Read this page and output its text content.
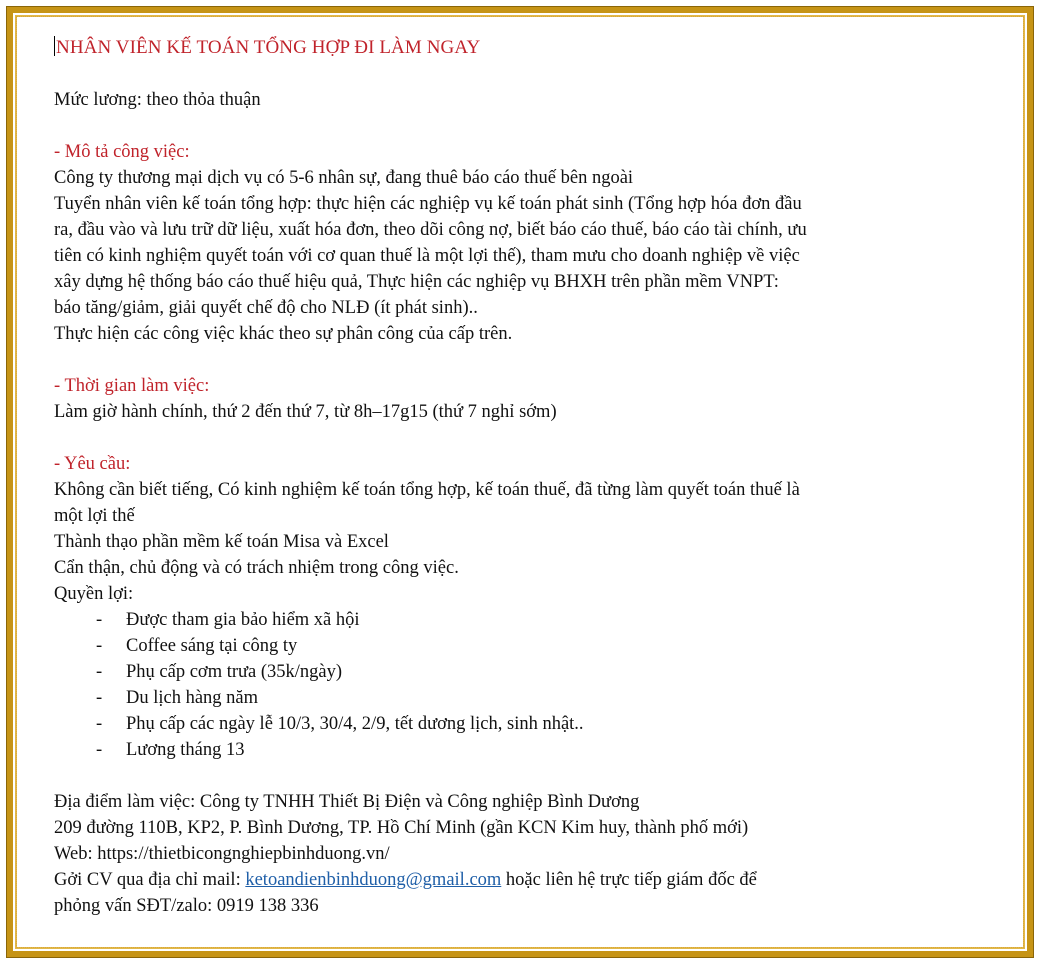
NHÂN VIÊN KẾ TOÁN TỔNG HỢP ĐI LÀM NGAY
Mức lương: theo thỏa thuận
- Mô tả công việc:
Công ty thương mại dịch vụ có 5-6 nhân sự, đang thuê báo cáo thuế bên ngoài
Tuyển nhân viên kế toán tổng hợp: thực hiện các nghiệp vụ kế toán phát sinh (Tổng hợp hóa đơn đầu
ra, đầu vào và lưu trữ dữ liệu, xuất hóa đơn, theo dõi công nợ, biết báo cáo thuế, báo cáo tài chính, ưu
tiên có kinh nghiệm quyết toán với cơ quan thuế là một lợi thế), tham mưu cho doanh nghiệp về việc
xây dựng hệ thống báo cáo thuế hiệu quả, Thực hiện các nghiệp vụ BHXH trên phần mềm VNPT:
báo tăng/giảm, giải quyết chế độ cho NLĐ (ít phát sinh)..
Thực hiện các công việc khác theo sự phân công của cấp trên.
- Thời gian làm việc:
Làm giờ hành chính, thứ 2 đến thứ 7, từ 8h–17g15 (thứ 7 nghỉ sớm)
- Yêu cầu:
Không cần biết tiếng, Có kinh nghiệm kế toán tổng hợp, kế toán thuế, đã từng làm quyết toán thuế là
một lợi thế
Thành thạo phần mềm kế toán Misa và Excel
Cẩn thận, chủ động và có trách nhiệm trong công việc.
Quyền lợi:
- Được tham gia bảo hiểm xã hội
- Coffee sáng tại công ty
- Phụ cấp cơm trưa (35k/ngày)
- Du lịch hàng năm
- Phụ cấp các ngày lễ 10/3, 30/4, 2/9, tết dương lịch, sinh nhật..
- Lương tháng 13
Địa điểm làm việc: Công ty TNHH Thiết Bị Điện và Công nghiệp Bình Dương
209 đường 110B, KP2, P. Bình Dương, TP. Hồ Chí Minh (gần KCN Kim huy, thành phố mới)
Web: https://thietbicongnghiepbinhduong.vn/
Gởi CV qua địa chỉ mail: ketoandienbinhduong@gmail.com hoặc liên hệ trực tiếp giám đốc để
phỏng vấn SĐT/zalo: 0919 138 336
